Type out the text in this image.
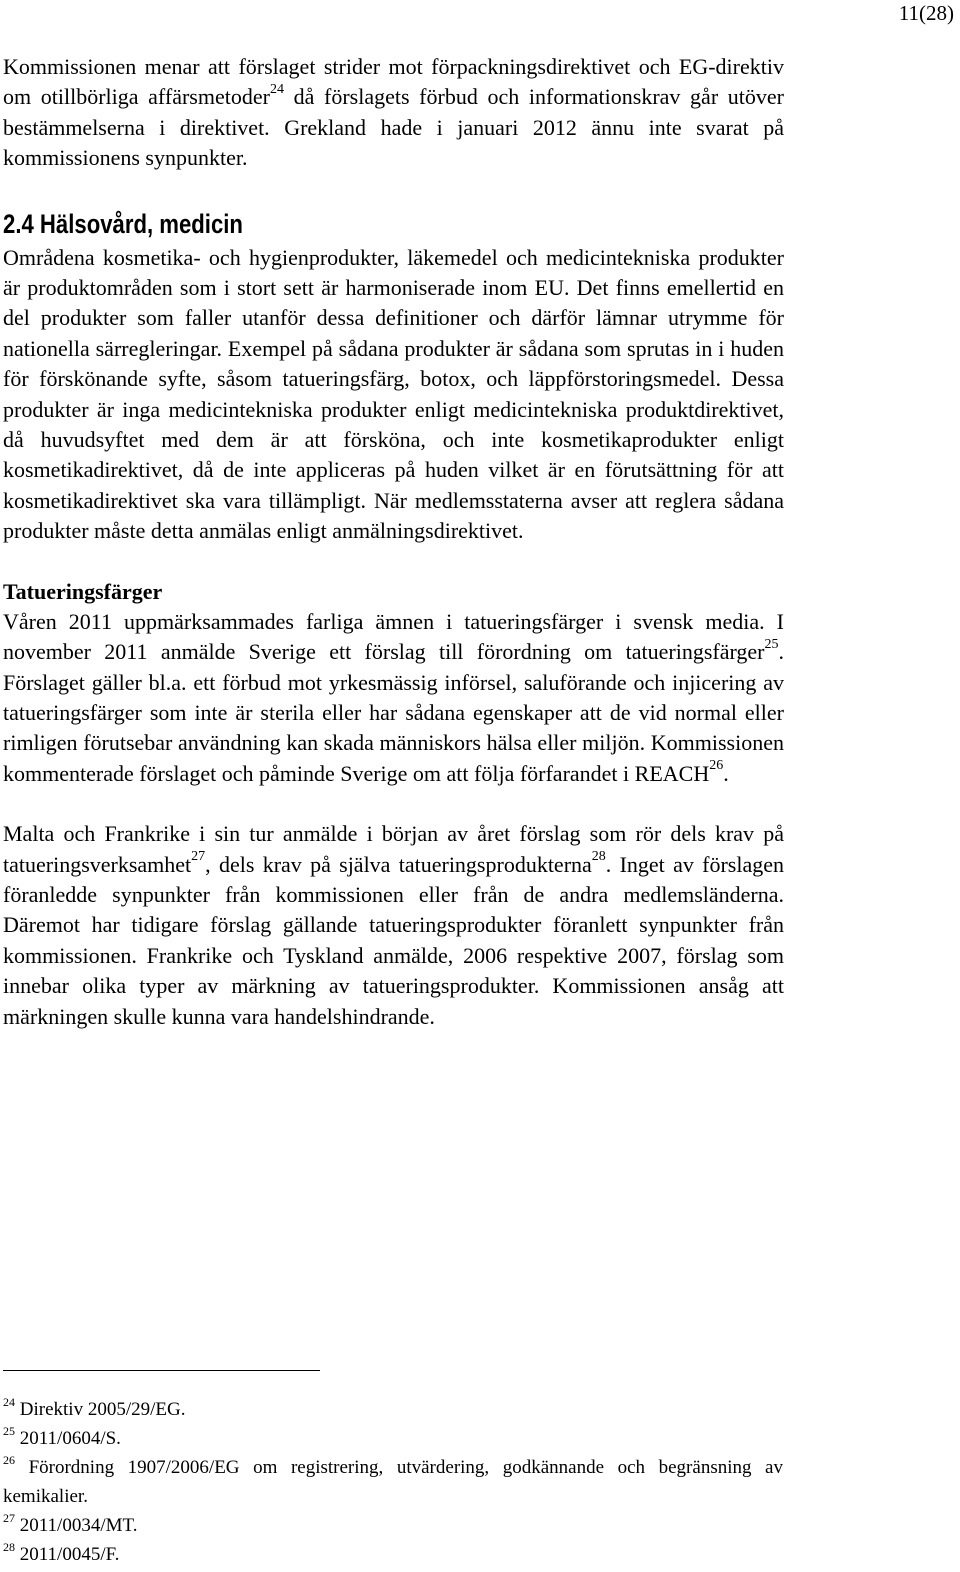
11(28)

Kommissionen menar att förslaget strider mot förpackningsdirektivet och EG-direktiv om otillbörliga affärsmetoder$^{24}$ då förslagets förbud och informationskrav går utöver bestämmelserna i direktivet. Grekland hade i januari 2012 ännu inte svarat på kommissionens synpunkter.

2.4 Hälsovård, medicin

Områdena kosmetika- och hygienprodukter, läkemedel och medicintekniska produkter är produktområden som i stort sett är harmoniserade inom EU. Det finns emellertid en del produkter som faller utanför dessa definitioner och därför lämnar utrymme för nationella särregleringar. Exempel på sådana produkter är sådana som sprutas in i huden för förskönande syfte, såsom tatueringsfärg, botox, och läppförstoringsmedel. Dessa produkter är inga medicintekniska produkter enligt medicintekniska produktdirektivet, då huvudsyftet med dem är att försköna, och inte kosmetikaprodukter enligt kosmetikadirektivet, då de inte appliceras på huden vilket är en förutsättning för att kosmetikadirektivet ska vara tillämpligt. När medlemsstaterna avser att reglera sådana produkter måste detta anmälas enligt anmälningsdirektivet.

Tatueringsfärger

Våren 2011 uppmärksammades farliga ämnen i tatueringsfärger i svensk media. I november 2011 anmälde Sverige ett förslag till förordning om tatueringsfärger$^{25}$. Förslaget gäller bl.a. ett förbud mot yrkesmässig införsel, saluförande och injicering av tatueringsfärger som inte är sterila eller har sådana egenskaper att de vid normal eller rimligen förutsebar användning kan skada människors hälsa eller miljön. Kommissionen kommenterade förslaget och påminde Sverige om att följa förfarandet i REACH$^{26}$.

Malta och Frankrike i sin tur anmälde i början av året förslag som rör dels krav på tatueringsverksamhet$^{27}$, dels krav på själva tatueringsprodukterna$^{28}$. Inget av förslagen föranledde synpunkter från kommissionen eller från de andra medlemsländerna. Däremot har tidigare förslag gällande tatueringsprodukter föranlett synpunkter från kommissionen. Frankrike och Tyskland anmälde, 2006 respektive 2007, förslag som innebar olika typer av märkning av tatueringsprodukter. Kommissionen ansåg att märkningen skulle kunna vara handelshindrande.

$^{24}$ Direktiv 2005/29/EG.

$^{25}$ 2011/0604/S.

$^{26}$ Förordning 1907/2006/EG om registrering, utvärdering, godkännande och begränsning av kemikalier.

$^{27}$ 2011/0034/MT.

$^{28}$ 2011/0045/F.
